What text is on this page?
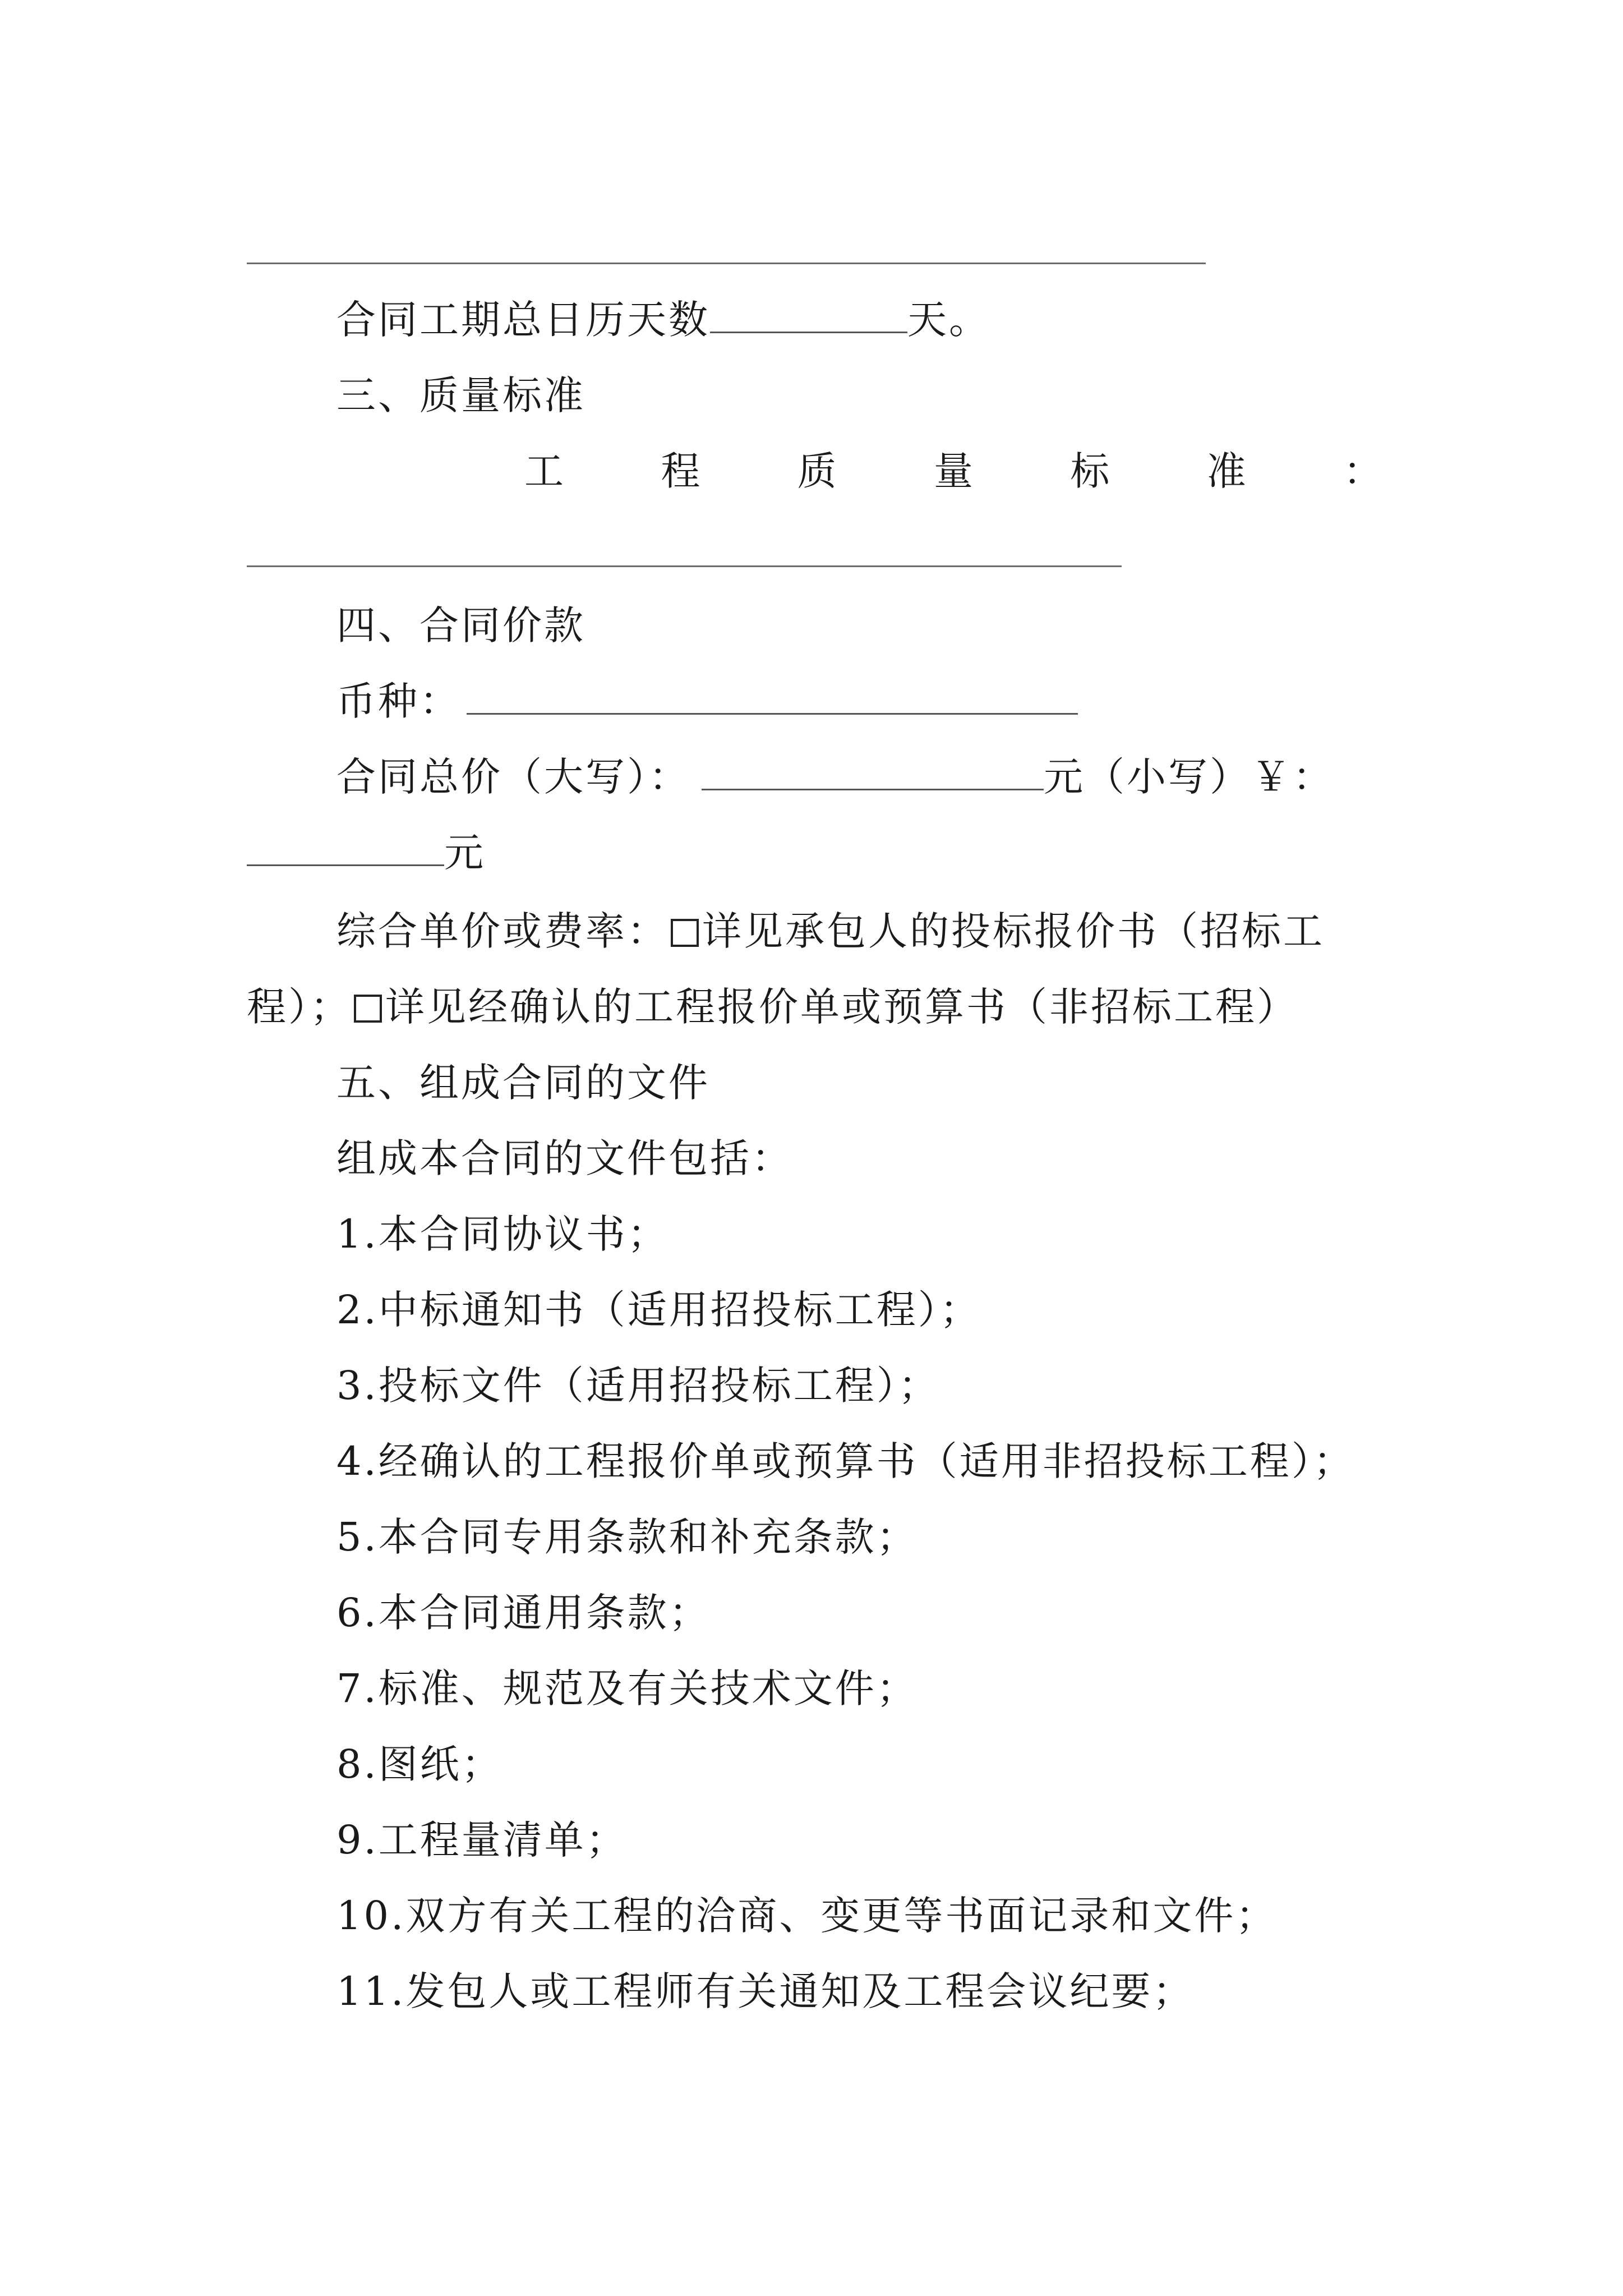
合同工期总日历天数	天。
三、质量标准
工 程 质 量 标 准 ：
四、合同价款
币种：
合同总价（大写）：	元（小写）￥：
元
综合单价或费率： 详见承包人的投标报价书（招标工
程）； 详见经确认的工程报价单或预算书（非招标工程）
五、组成合同的文件
组成本合同的文件包括：
1.本合同协议书；
2.中标通知书（适用招投标工程）；
3.投标文件（适用招投标工程）；
4.经确认的工程报价单或预算书（适用非招投标工程）；
5.本合同专用条款和补充条款；
6.本合同通用条款；
7.标准、规范及有关技术文件；
8.图纸；
9.工程量清单；
10.双方有关工程的洽商、变更等书面记录和文件；
11.发包人或工程师有关通知及工程会议纪要；
